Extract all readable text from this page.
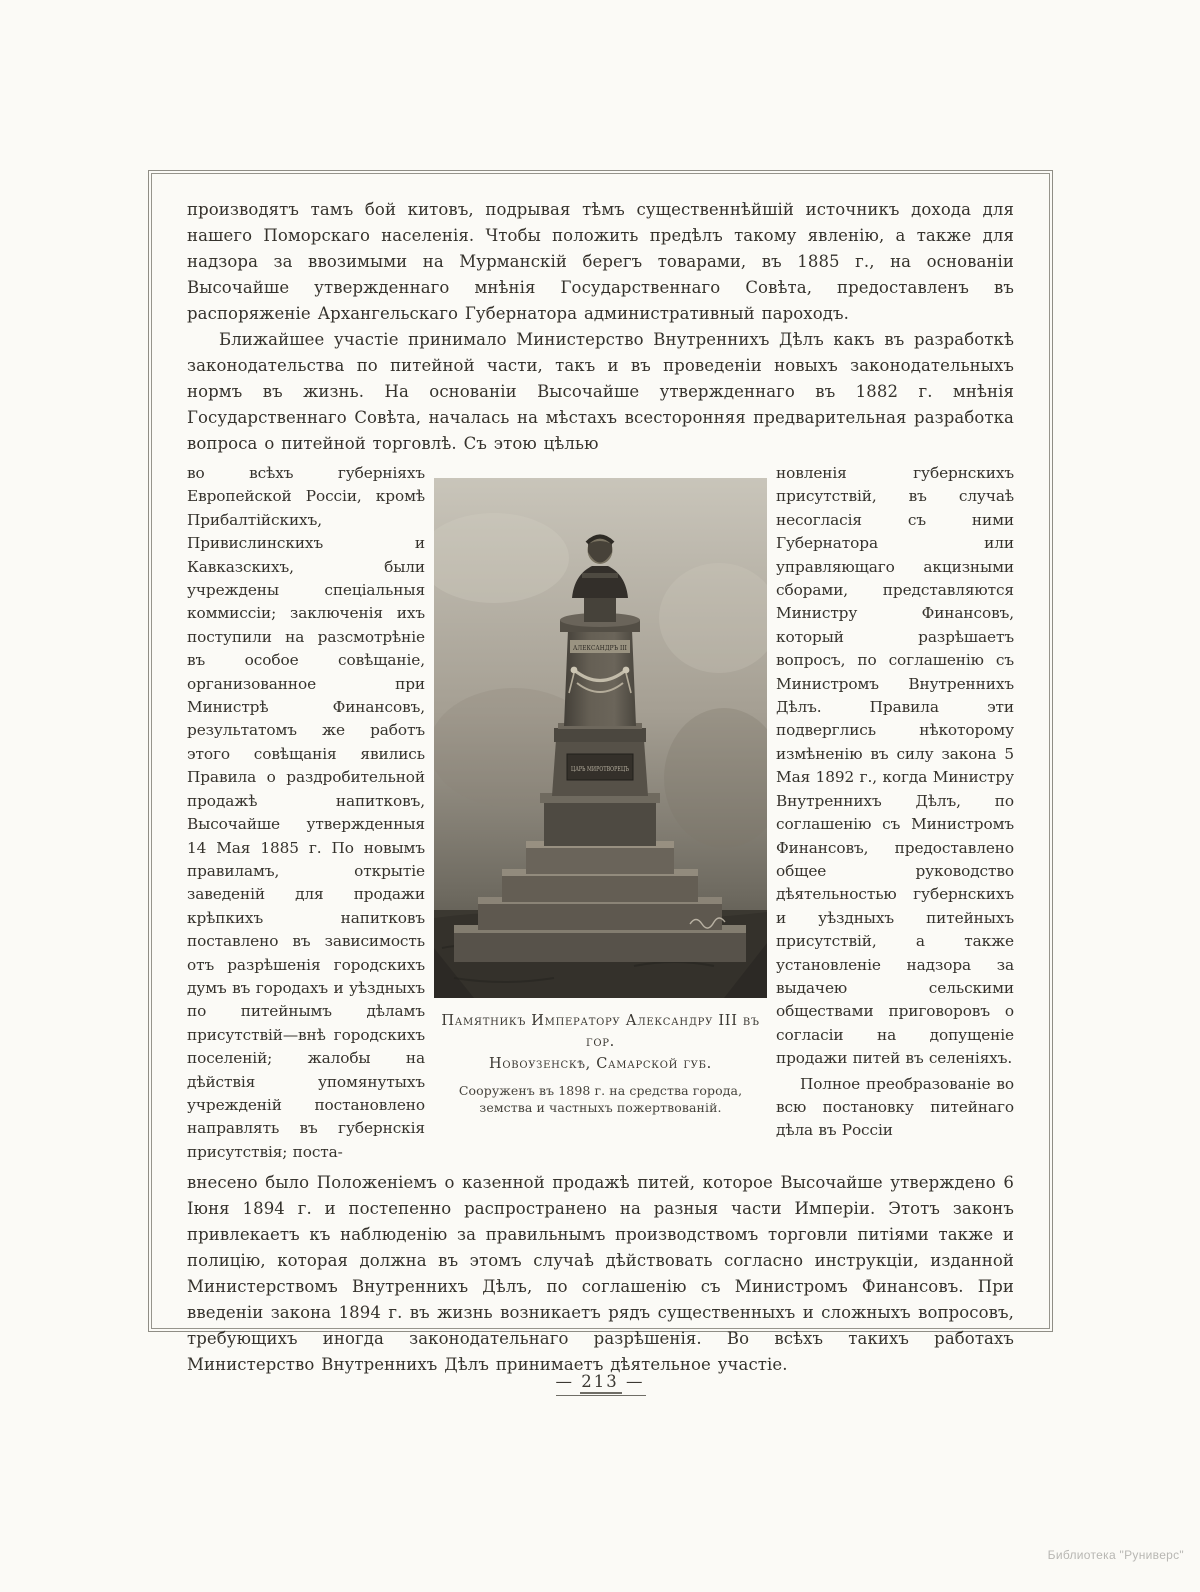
производятъ тамъ бой китовъ, подрывая тѣмъ существеннѣйшій источникъ дохода для нашего Поморскаго населенія. Чтобы положить предѣлъ такому явленію, а также для надзора за ввозимыми на Мурманскій берегъ товарами, въ 1885 г., на основаніи Высочайше утвержденнаго мнѣнія Государственнаго Совѣта, предоставленъ въ распоряженіе Архангельскаго Губернатора административный пароходъ.

Ближайшее участіе принимало Министерство Внутреннихъ Дѣлъ какъ въ разработкѣ законодательства по питейной части, такъ и въ проведеніи новыхъ законодательныхъ нормъ въ жизнь. На основаніи Высочайше утвержденнаго въ 1882 г. мнѣнія Государственнаго Совѣта, началась на мѣстахъ всесторонняя предварительная разработка вопроса о питейной торговлѣ. Съ этою цѣлью

во всѣхъ губерніяхъ Европейской Россіи, кромѣ Прибалтійскихъ, Привислинскихъ и Кавказскихъ, были учреждены спеціальныя коммиссіи; заключенія ихъ поступили на разсмотрѣніе въ особое совѣщаніе, организованное при Министрѣ Финансовъ, результатомъ же работъ этого совѣщанія явились Правила о раздробительной продажѣ напитковъ, Высочайше утвержденныя 14 Мая 1885 г. По новымъ правиламъ, открытіе заведеній для продажи крѣпкихъ напитковъ поставлено въ зависимость отъ разрѣшенія городскихъ думъ въ городахъ и уѣздныхъ по питейнымъ дѣламъ присутствій—внѣ городскихъ поселеній; жалобы на дѣйствія упомянутыхъ учрежденій постановлено направлять въ губернскія присутствія; поста-

ЦАРЬ МИРОТВОРЕЦЪ
АЛЕКСАНДРЪ III
Памятникъ Императору Александру III въ гор.
Новоузенскѣ, Самарской губ.
Сооруженъ въ 1898 г. на средства города, земства и частныхъ пожертвованій.

новленія губернскихъ присутствій, въ случаѣ несогласія съ ними Губернатора или управляющаго акцизными сборами, представляются Министру Финансовъ, который разрѣшаетъ вопросъ, по соглашенію съ Министромъ Внутреннихъ Дѣлъ. Правила эти подверглись нѣкоторому измѣненію въ силу закона 5 Мая 1892 г., когда Министру Внутреннихъ Дѣлъ, по соглашенію съ Министромъ Финансовъ, предоставлено общее руководство дѣятельностью губернскихъ и уѣздныхъ питейныхъ присутствій, а также установленіе надзора за выдачею сельскими обществами приговоровъ о согласіи на допущеніе продажи питей въ селеніяхъ.

Полное преобразованіе во всю постановку питейнаго дѣла въ Россіи

внесено было Положеніемъ о казенной продажѣ питей, которое Высочайше утверждено 6 Іюня 1894 г. и постепенно распространено на разныя части Имперіи. Этотъ законъ привлекаетъ къ наблюденію за правильнымъ производствомъ торговли питіями также и полицію, которая должна въ этомъ случаѣ дѣйствовать согласно инструкціи, изданной Министерствомъ Внутреннихъ Дѣлъ, по соглашенію съ Министромъ Финансовъ. При введеніи закона 1894 г. въ жизнь возникаетъ рядъ существенныхъ и сложныхъ вопросовъ, требующихъ иногда законодательнаго разрѣшенія. Во всѣхъ такихъ работахъ Министерство Внутреннихъ Дѣлъ принимаетъ дѣятельное участіе.

— 213 —
Библиотека "Руниверс"
